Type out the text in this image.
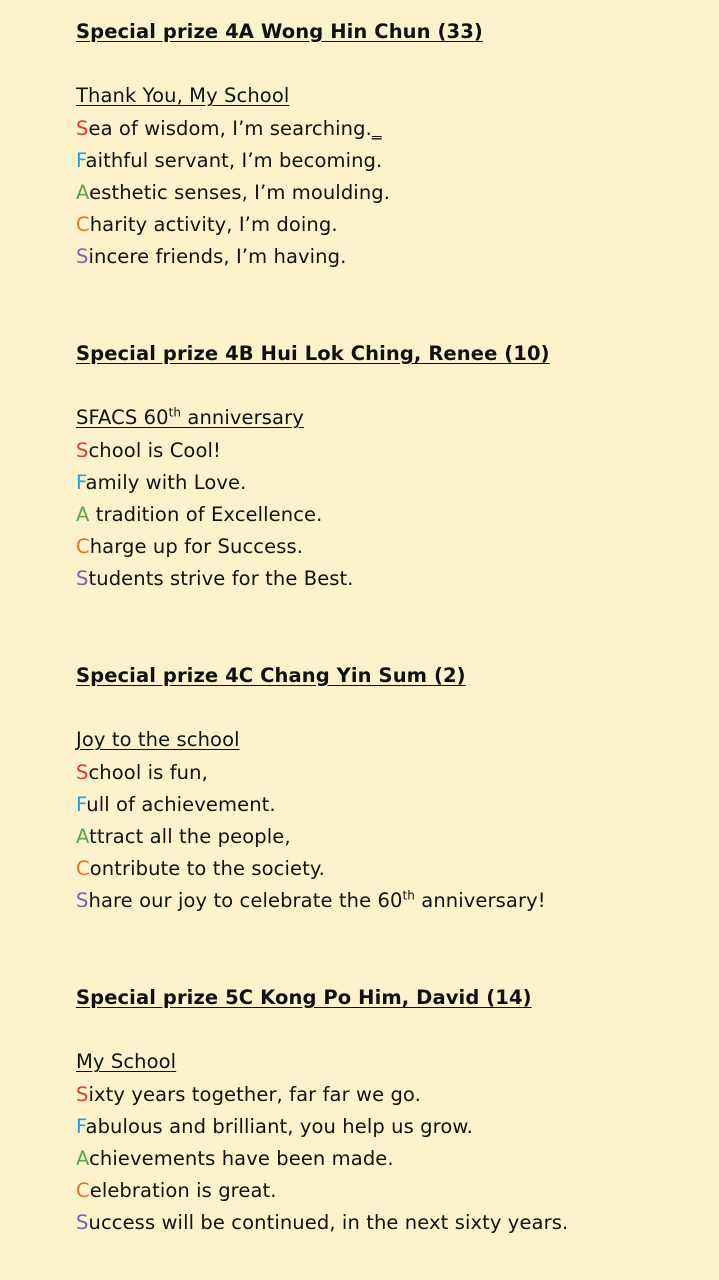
Special prize 4A Wong Hin Chun (33)
Thank You, My School
Sea of wisdom, I’m searching._
Faithful servant, I’m becoming.
Aesthetic senses, I’m moulding.
Charity activity, I’m doing.
Sincere friends, I’m having.
Special prize 4B Hui Lok Ching, Renee (10)
SFACS 60th anniversary
School is Cool!
Family with Love.
A tradition of Excellence.
Charge up for Success.
Students strive for the Best.
Special prize 4C Chang Yin Sum (2)
Joy to the school
School is fun,
Full of achievement.
Attract all the people,
Contribute to the society.
Share our joy to celebrate the 60th anniversary!
Special prize 5C Kong Po Him, David (14)
My School
Sixty years together, far far we go.
Fabulous and brilliant, you help us grow.
Achievements have been made.
Celebration is great.
Success will be continued, in the next sixty years.
